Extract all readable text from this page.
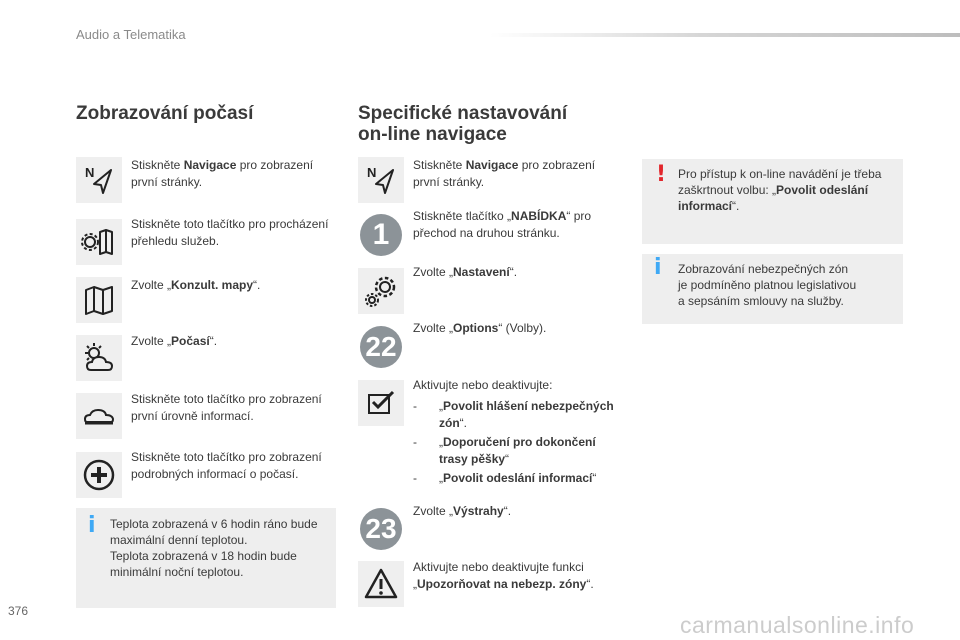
Audio a Telematika
Zobrazování počasí
N	Stiskněte Navigace pro zobrazení první stránky.
Stiskněte toto tlačítko pro procházení přehledu služeb.
Zvolte „Konzult. mapy“.
Zvolte „Počasí“.
Stiskněte toto tlačítko pro zobrazení první úrovně informací.
Stiskněte toto tlačítko pro zobrazení podrobných informací o počasí.
i Teplota zobrazená v 6 hodin ráno bude
maximální denní teplotou.
Teplota zobrazená v 18 hodin bude
minimální noční teplotou.
Specifické nastavování
on-line navigace
N	Stiskněte Navigace pro zobrazení první stránky.
1
Stiskněte tlačítko „NABÍDKA“ pro přechod na druhou stránku.
Zvolte „Nastavení“.
22
Zvolte „Options“ (Volby).
Aktivujte nebo deaktivujte:
- „Povolit hlášení nebezpečných zón“.
- „Doporučení pro dokončení trasy pěšky“
- „Povolit odeslání informací“
23
Zvolte „Výstrahy“.
Aktivujte nebo deaktivujte funkci
„Upozorňovat na nebezp. zóny“.
! Pro přístup k on-line navádění je třeba zaškrtnout volbu: „Povolit odeslání informací“.
i Zobrazování nebezpečných zón
je podmíněno platnou legislativou
a sepsáním smlouvy na služby.
376
carmanualsonline.info
